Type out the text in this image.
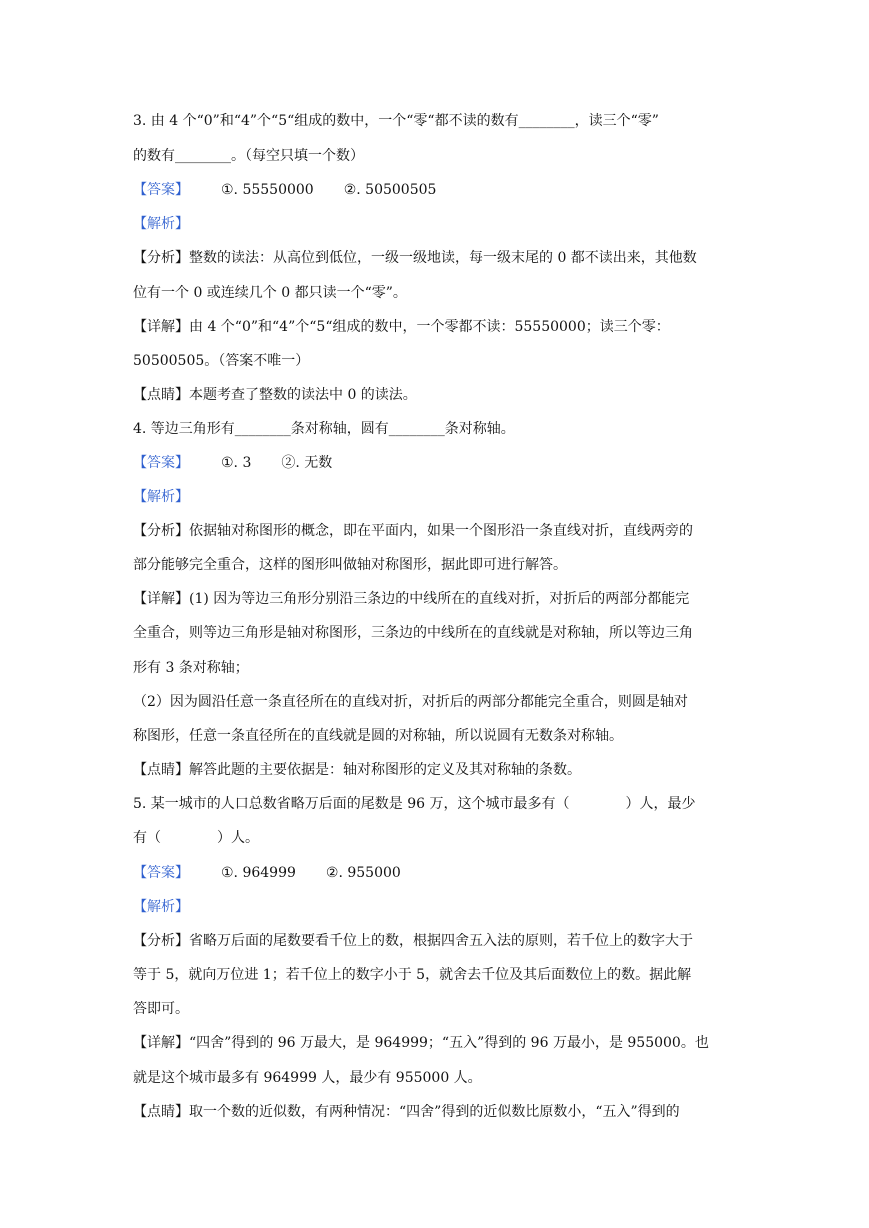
3. 由 4 个“0”和“4”个“5“组成的数中，一个“零“都不读的数有________，读三个“零”
的数有________。（每空只填一个数）
【答案】 ①. 55550000 ②. 50500505
【解析】
【分析】整数的读法：从高位到低位，一级一级地读，每一级末尾的 0 都不读出来，其他数
位有一个 0 或连续几个 0 都只读一个“零”。
【详解】由 4 个“0”和“4”个“5“组成的数中，一个零都不读：55550000；读三个零：
50500505。（答案不唯一）
【点睛】本题考查了整数的读法中 0 的读法。
4. 等边三角形有________条对称轴，圆有________条对称轴。
【答案】 ①. 3 ②. 无数
【解析】
【分析】依据轴对称图形的概念，即在平面内，如果一个图形沿一条直线对折，直线两旁的
部分能够完全重合，这样的图形叫做轴对称图形，据此即可进行解答。
【详解】(1) 因为等边三角形分别沿三条边的中线所在的直线对折，对折后的两部分都能完
全重合，则等边三角形是轴对称图形，三条边的中线所在的直线就是对称轴，所以等边三角
形有 3 条对称轴；
（2）因为圆沿任意一条直径所在的直线对折，对折后的两部分都能完全重合，则圆是轴对
称图形，任意一条直径所在的直线就是圆的对称轴，所以说圆有无数条对称轴。
【点睛】解答此题的主要依据是：轴对称图形的定义及其对称轴的条数。
5. 某一城市的人口总数省略万后面的尾数是 96 万，这个城市最多有（　　　　）人，最少
有（　　　　）人。
【答案】 ①. 964999 ②. 955000
【解析】
【分析】省略万后面的尾数要看千位上的数，根据四舍五入法的原则，若千位上的数字大于
等于 5，就向万位进 1；若千位上的数字小于 5，就舍去千位及其后面数位上的数。据此解
答即可。
【详解】“四舍”得到的 96 万最大，是 964999；“五入”得到的 96 万最小，是 955000。也
就是这个城市最多有 964999 人，最少有 955000 人。
【点睛】取一个数的近似数，有两种情况：“四舍”得到的近似数比原数小，“五入”得到的
